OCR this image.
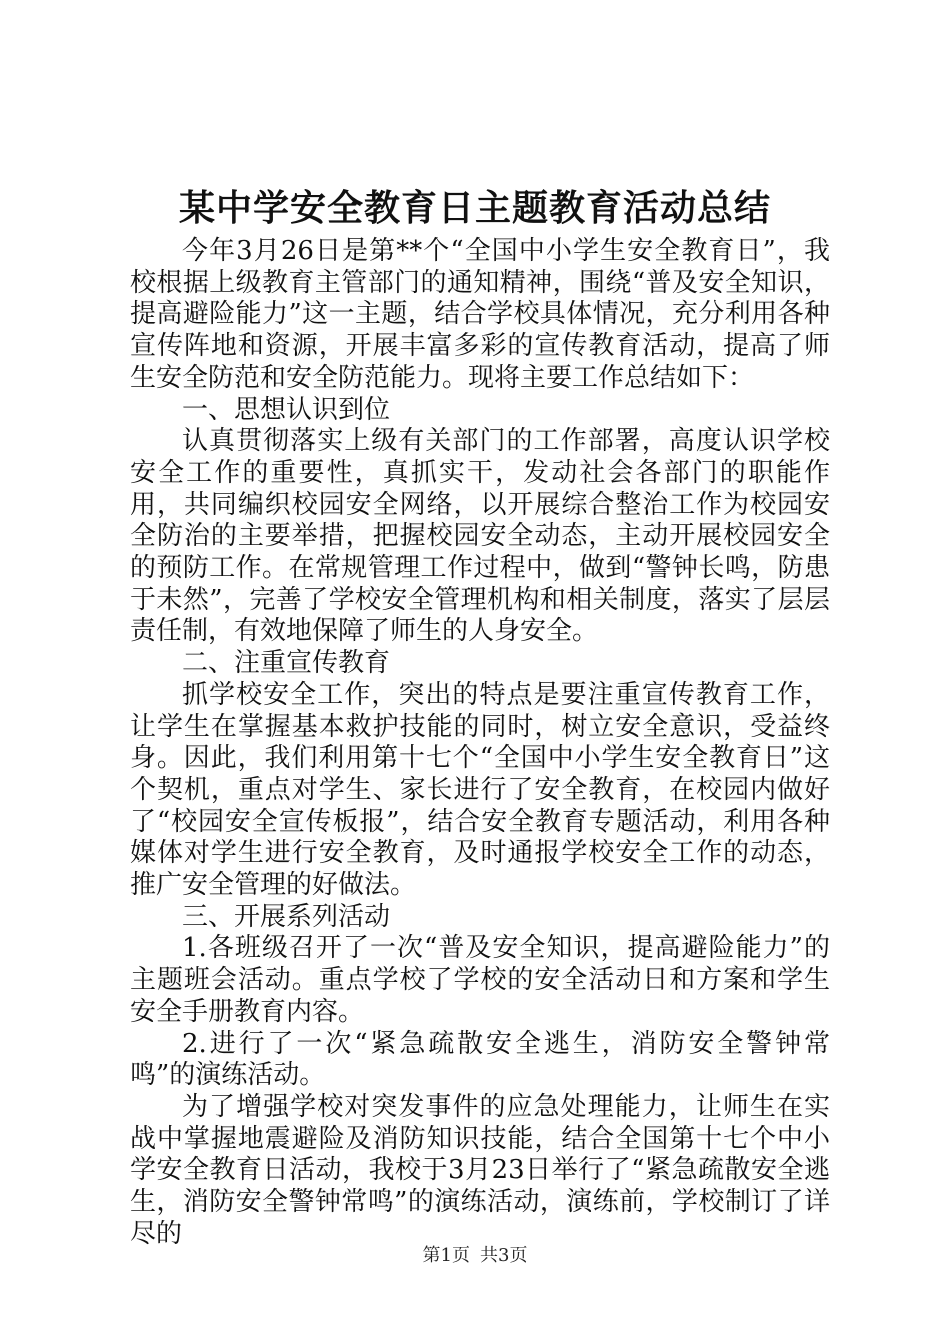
某中学安全教育日主题教育活动总结

今年3月26日是第**个“全国中小学生安全教育日”，我校根据上级教育主管部门的通知精神，围绕“普及安全知识，提高避险能力”这一主题，结合学校具体情况，充分利用各种宣传阵地和资源，开展丰富多彩的宣传教育活动，提高了师生安全防范和安全防范能力。现将主要工作总结如下：

一、思想认识到位

认真贯彻落实上级有关部门的工作部署，高度认识学校安全工作的重要性，真抓实干，发动社会各部门的职能作用，共同编织校园安全网络，以开展综合整治工作为校园安全防治的主要举措，把握校园安全动态，主动开展校园安全的预防工作。在常规管理工作过程中，做到“警钟长鸣，防患于未然”，完善了学校安全管理机构和相关制度，落实了层层责任制，有效地保障了师生的人身安全。

二、注重宣传教育

抓学校安全工作，突出的特点是要注重宣传教育工作，让学生在掌握基本救护技能的同时，树立安全意识，受益终身。因此，我们利用第十七个“全国中小学生安全教育日”这个契机，重点对学生、家长进行了安全教育，在校园内做好了“校园安全宣传板报”，结合安全教育专题活动，利用各种媒体对学生进行安全教育，及时通报学校安全工作的动态，推广安全管理的好做法。

三、开展系列活动

1.各班级召开了一次“普及安全知识，提高避险能力”的主题班会活动。重点学校了学校的安全活动日和方案和学生安全手册教育内容。

2.进行了一次“紧急疏散安全逃生，消防安全警钟常鸣”的演练活动。

为了增强学校对突发事件的应急处理能力，让师生在实战中掌握地震避险及消防知识技能，结合全国第十七个中小学安全教育日活动，我校于3月23日举行了“紧急疏散安全逃生，消防安全警钟常鸣”的演练活动，演练前，学校制订了详尽的

第1页 共3页
